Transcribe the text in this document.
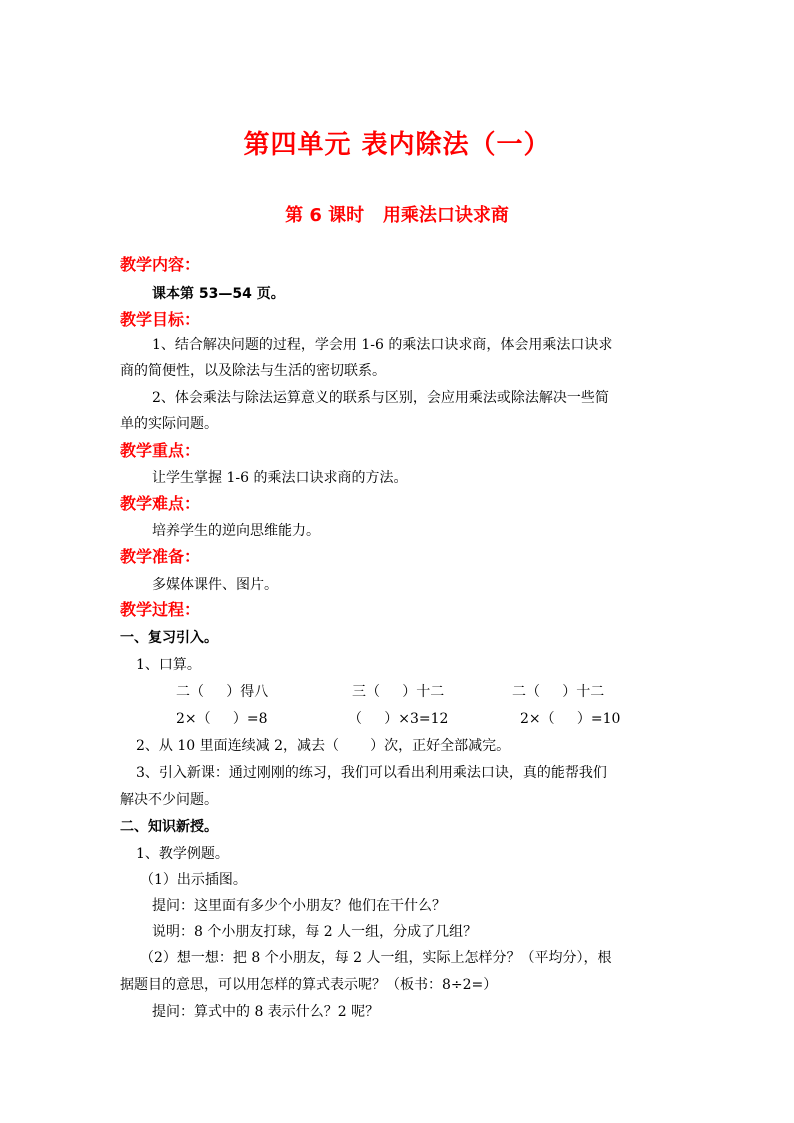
第四单元 表内除法（一）
第 6 课时   用乘法口诀求商
教学内容：
课本第 53—54 页。
教学目标：
1、结合解决问题的过程，学会用 1-6 的乘法口诀求商，体会用乘法口诀求
商的简便性，以及除法与生活的密切联系。
2、体会乘法与除法运算意义的联系与区别，会应用乘法或除法解决一些简
单的实际问题。
教学重点：
让学生掌握 1-6 的乘法口诀求商的方法。
教学难点：
培养学生的逆向思维能力。
教学准备：
多媒体课件、图片。
教学过程：
一、复习引入。
1、口算。
二（     ）得八	三（     ）十二	二（     ）十二
2×（     ）=8	（     ）×3=12	2×（     ）=10
2、从 10 里面连续减 2，减去（       ）次，正好全部减完。
3、引入新课：通过刚刚的练习，我们可以看出利用乘法口诀，真的能帮我们
解决不少问题。
二、知识新授。
1、教学例题。
（1）出示插图。
提问：这里面有多少个小朋友？他们在干什么？
说明：8 个小朋友打球，每 2 人一组，分成了几组？
（2）想一想：把 8 个小朋友，每 2 人一组，实际上怎样分？（平均分），根
据题目的意思，可以用怎样的算式表示呢？（板书：8÷2=）
提问：算式中的 8 表示什么？2 呢？
